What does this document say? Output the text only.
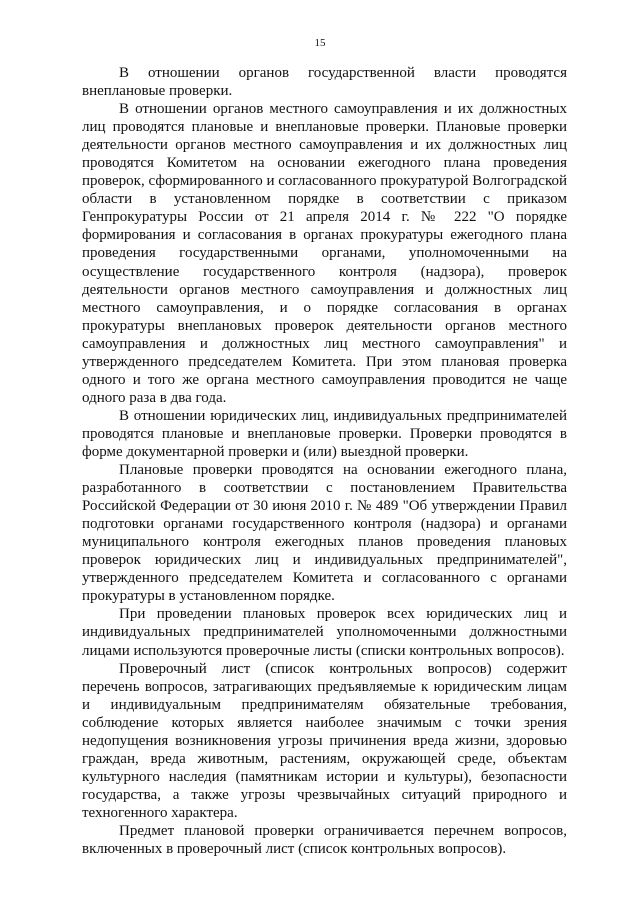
15

В отношении органов государственной власти проводятся внеплановые проверки.

В отношении органов местного самоуправления и их должностных лиц проводятся плановые и внеплановые проверки. Плановые проверки деятельности органов местного самоуправления и их должностных лиц проводятся Комитетом на основании ежегодного плана проведения проверок, сформированного и согласованного прокуратурой Волгоградской области в установленном порядке в соответствии с приказом Генпрокуратуры России от 21 апреля 2014 г. № 222 "О порядке формирования и согласования в органах прокуратуры ежегодного плана проведения государственными органами, уполномоченными на осуществление государственного контроля (надзора), проверок деятельности органов местного самоуправления и должностных лиц местного самоуправления, и о порядке согласования в органах прокуратуры внеплановых проверок деятельности органов местного самоуправления и должностных лиц местного самоуправления" и утвержденного председателем Комитета. При этом плановая проверка одного и того же органа местного самоуправления проводится не чаще одного раза в два года.

В отношении юридических лиц, индивидуальных предпринимателей проводятся плановые и внеплановые проверки. Проверки проводятся в форме документарной проверки и (или) выездной проверки.

Плановые проверки проводятся на основании ежегодного плана, разработанного в соответствии с постановлением Правительства Российской Федерации от 30 июня 2010 г. № 489 "Об утверждении Правил подготовки органами государственного контроля (надзора) и органами муниципального контроля ежегодных планов проведения плановых проверок юридических лиц и индивидуальных предпринимателей", утвержденного председателем Комитета и согласованного с органами прокуратуры в установленном порядке.

При проведении плановых проверок всех юридических лиц и индивидуальных предпринимателей уполномоченными должностными лицами используются проверочные листы (списки контрольных вопросов).

Проверочный лист (список контрольных вопросов) содержит перечень вопросов, затрагивающих предъявляемые к юридическим лицам и индивидуальным предпринимателям обязательные требования, соблюдение которых является наиболее значимым с точки зрения недопущения возникновения угрозы причинения вреда жизни, здоровью граждан, вреда животным, растениям, окружающей среде, объектам культурного наследия (памятникам истории и культуры), безопасности государства, а также угрозы чрезвычайных ситуаций природного и техногенного характера.

Предмет плановой проверки ограничивается перечнем вопросов, включенных в проверочный лист (список контрольных вопросов).
